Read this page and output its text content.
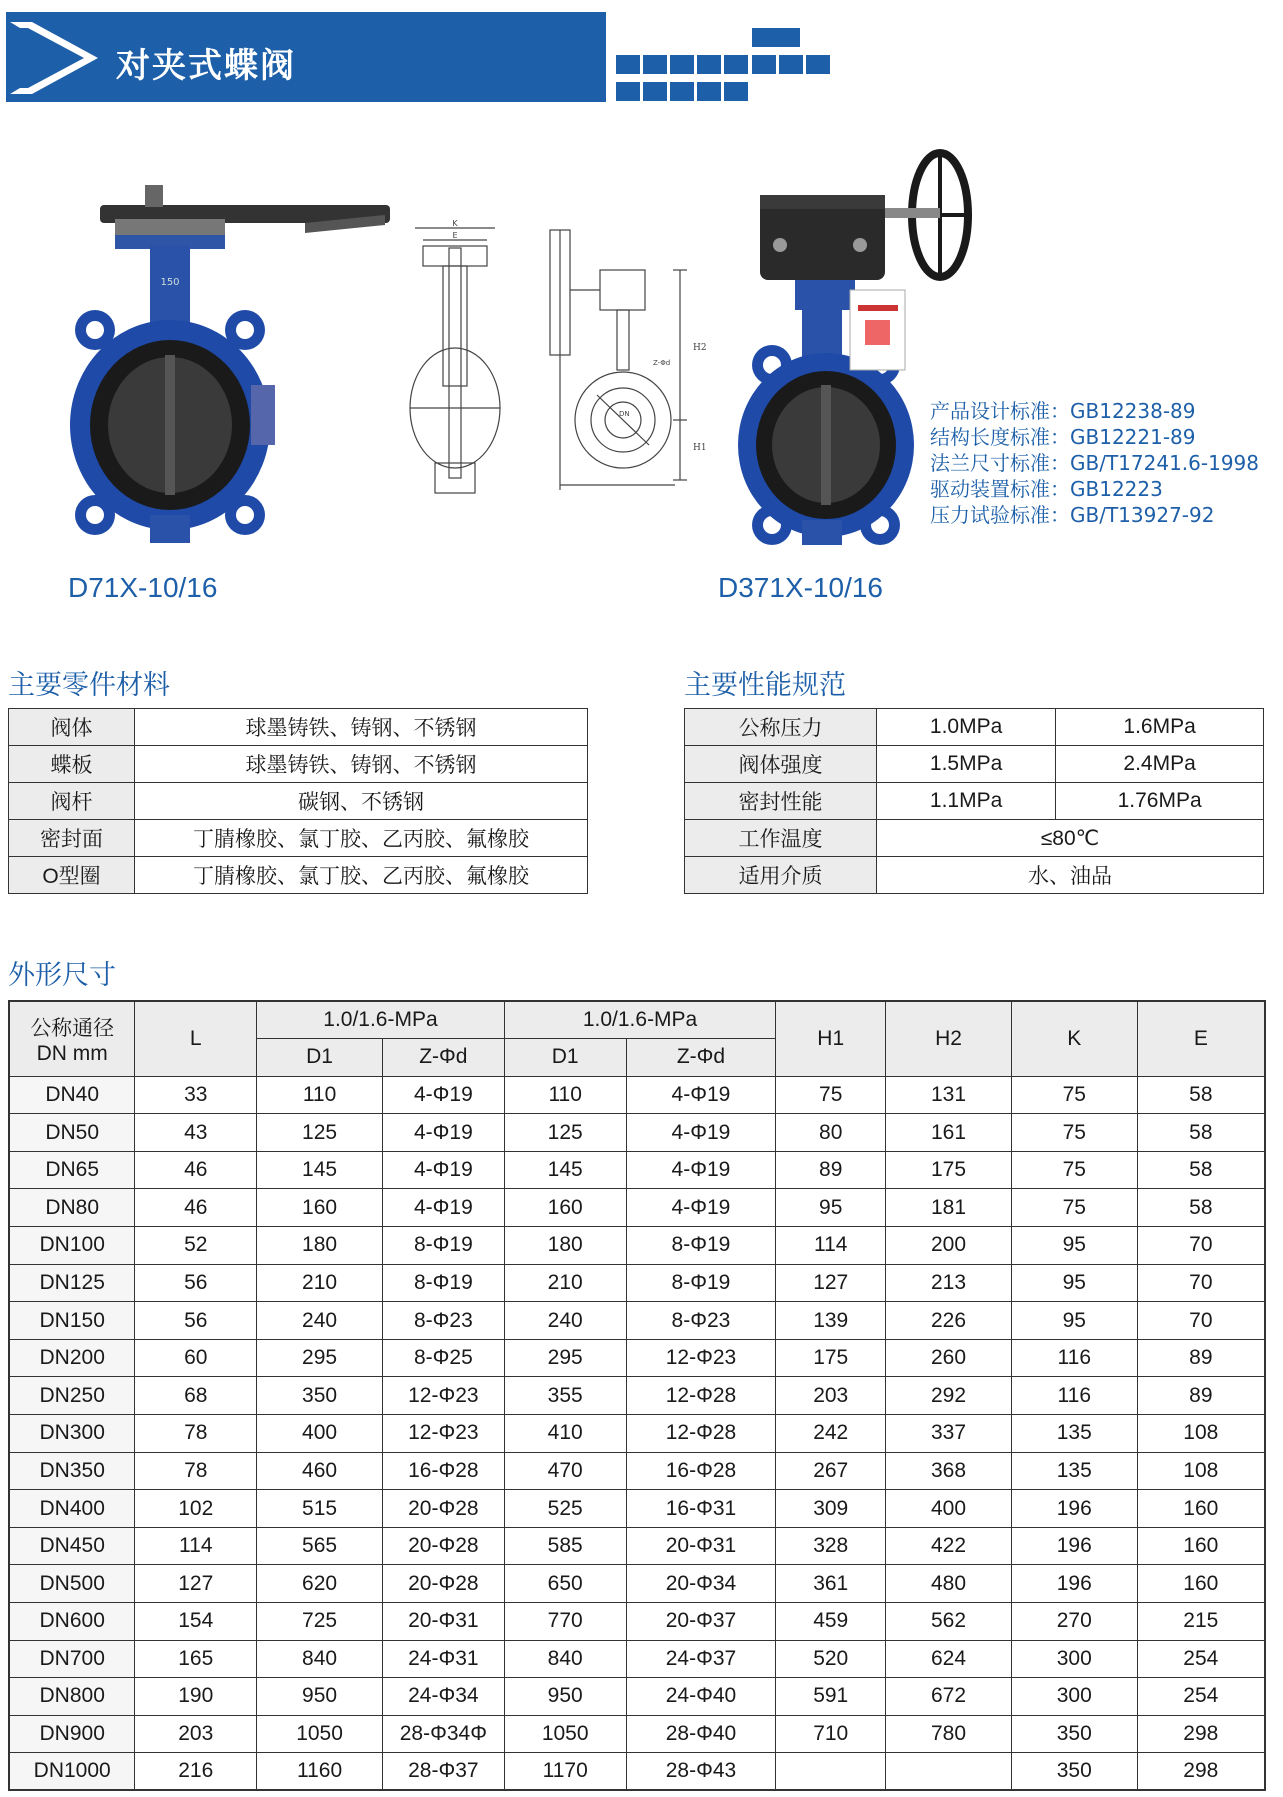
对夹式蝶阀
150
D71X-10/16
K
E
H2
H1
Z-Φd
DN
D371X-10/16
产品设计标准：GB12238-89
结构长度标准：GB12221-89
法兰尺寸标准：GB/T17241.6-1998
驱动装置标准：GB12223
压力试验标准：GB/T13927-92
主要零件材料
阀体	球墨铸铁、铸钢、不锈钢
蝶板	球墨铸铁、铸钢、不锈钢
阀杆	碳钢、不锈钢
密封面	丁腈橡胶、氯丁胶、乙丙胶、氟橡胶
O型圈	丁腈橡胶、氯丁胶、乙丙胶、氟橡胶
主要性能规范
公称压力	1.0MPa	1.6MPa
阀体强度	1.5MPa	2.4MPa
密封性能	1.1MPa	1.76MPa
工作温度	≤80℃	
适用介质	水、油品	
外形尺寸
公称通径
DN mm	L	1.0/1.6-MPa		1.0/1.6-MPa		H1	H2	K	E
		D1	Z-Φd	D1	Z-Φd				
DN40	33	110	4-Φ19	110	4-Φ19	75	131	75	58
DN50	43	125	4-Φ19	125	4-Φ19	80	161	75	58
DN65	46	145	4-Φ19	145	4-Φ19	89	175	75	58
DN80	46	160	4-Φ19	160	4-Φ19	95	181	75	58
DN100	52	180	8-Φ19	180	8-Φ19	114	200	95	70
DN125	56	210	8-Φ19	210	8-Φ19	127	213	95	70
DN150	56	240	8-Φ23	240	8-Φ23	139	226	95	70
DN200	60	295	8-Φ25	295	12-Φ23	175	260	116	89
DN250	68	350	12-Φ23	355	12-Φ28	203	292	116	89
DN300	78	400	12-Φ23	410	12-Φ28	242	337	135	108
DN350	78	460	16-Φ28	470	16-Φ28	267	368	135	108
DN400	102	515	20-Φ28	525	16-Φ31	309	400	196	160
DN450	114	565	20-Φ28	585	20-Φ31	328	422	196	160
DN500	127	620	20-Φ28	650	20-Φ34	361	480	196	160
DN600	154	725	20-Φ31	770	20-Φ37	459	562	270	215
DN700	165	840	24-Φ31	840	24-Φ37	520	624	300	254
DN800	190	950	24-Φ34	950	24-Φ40	591	672	300	254
DN900	203	1050	28-Φ34Φ	1050	28-Φ40	710	780	350	298
DN1000	216	1160	28-Φ37	1170	28-Φ43			350	298
